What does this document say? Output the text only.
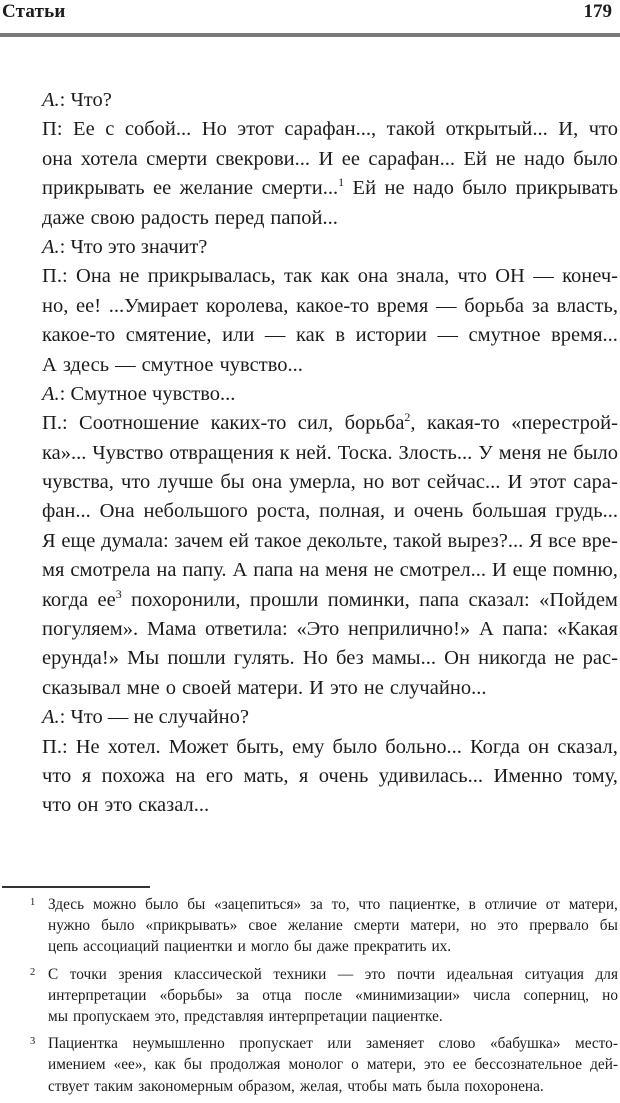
Статьи	179
А. : Что?
П: Ее с собой... Но этот сарафан..., такой открытый... И, что
она хотела смерти свекрови... И ее сарафан... Ей не надо было
прикрывать ее желание смерти...$^1$ Ей не надо было прикрывать
даже свою радость перед папой...
А. : Что это значит?
П.: Она не прикрывалась, так как она знала, что ОН — конеч-
но, ее! ...Умирает королева, какое-то время — борьба за власть,
какое-то смятение, или — как в истории — смутное время...
А здесь — смутное чувство...
А. : Смутное чувство...
П.: Соотношение каких-то сил, борьба$^2$, какая-то «перестрой-
ка»... Чувство отвращения к ней. Тоска. Злость... У меня не было
чувства, что лучше бы она умерла, но вот сейчас... И этот сара-
фан... Она небольшого роста, полная, и очень большая грудь...
Я еще думала: зачем ей такое декольте, такой вырез?... Я все вре-
мя смотрела на папу. А папа на меня не смотрел... И еще помню,
когда $ее^3$ похоронили, прошли поминки, папа сказал: «Пойдем
погуляем». Мама ответила: «Это неприлично!» А папа: «Какая
ерунда!» Мы пошли гулять. Но без мамы... Он никогда не рас-
сказывал мне о своей матери. И это не случайно...
А. : Что — не случайно?
П.: Не хотел. Может быть, ему было больно... Когда он сказал,
что я похожа на его мать, я очень удивилась... Именно тому,
что он это сказал...
1 Здесь можно было бы «зацепиться» за то, что пациентке, в отличие от матери,
нужно было «прикрывать» свое желание смерти матери, но это прервало бы
цепь ассоциаций пациентки и могло бы даже прекратить их.
2 С точки зрения классической техники — это почти идеальная ситуация для
интерпретации «борьбы» за отца после «минимизации» числа соперниц, но
мы пропускаем это, представляя интерпретации пациентке.
3 Пациентка неумышленно пропускает или заменяет слово «бабушка» место-
имением «ее», как бы продолжая монолог о матери, это ее бессознательное дей-
ствует таким закономерным образом, желая, чтобы мать была похоронена.
